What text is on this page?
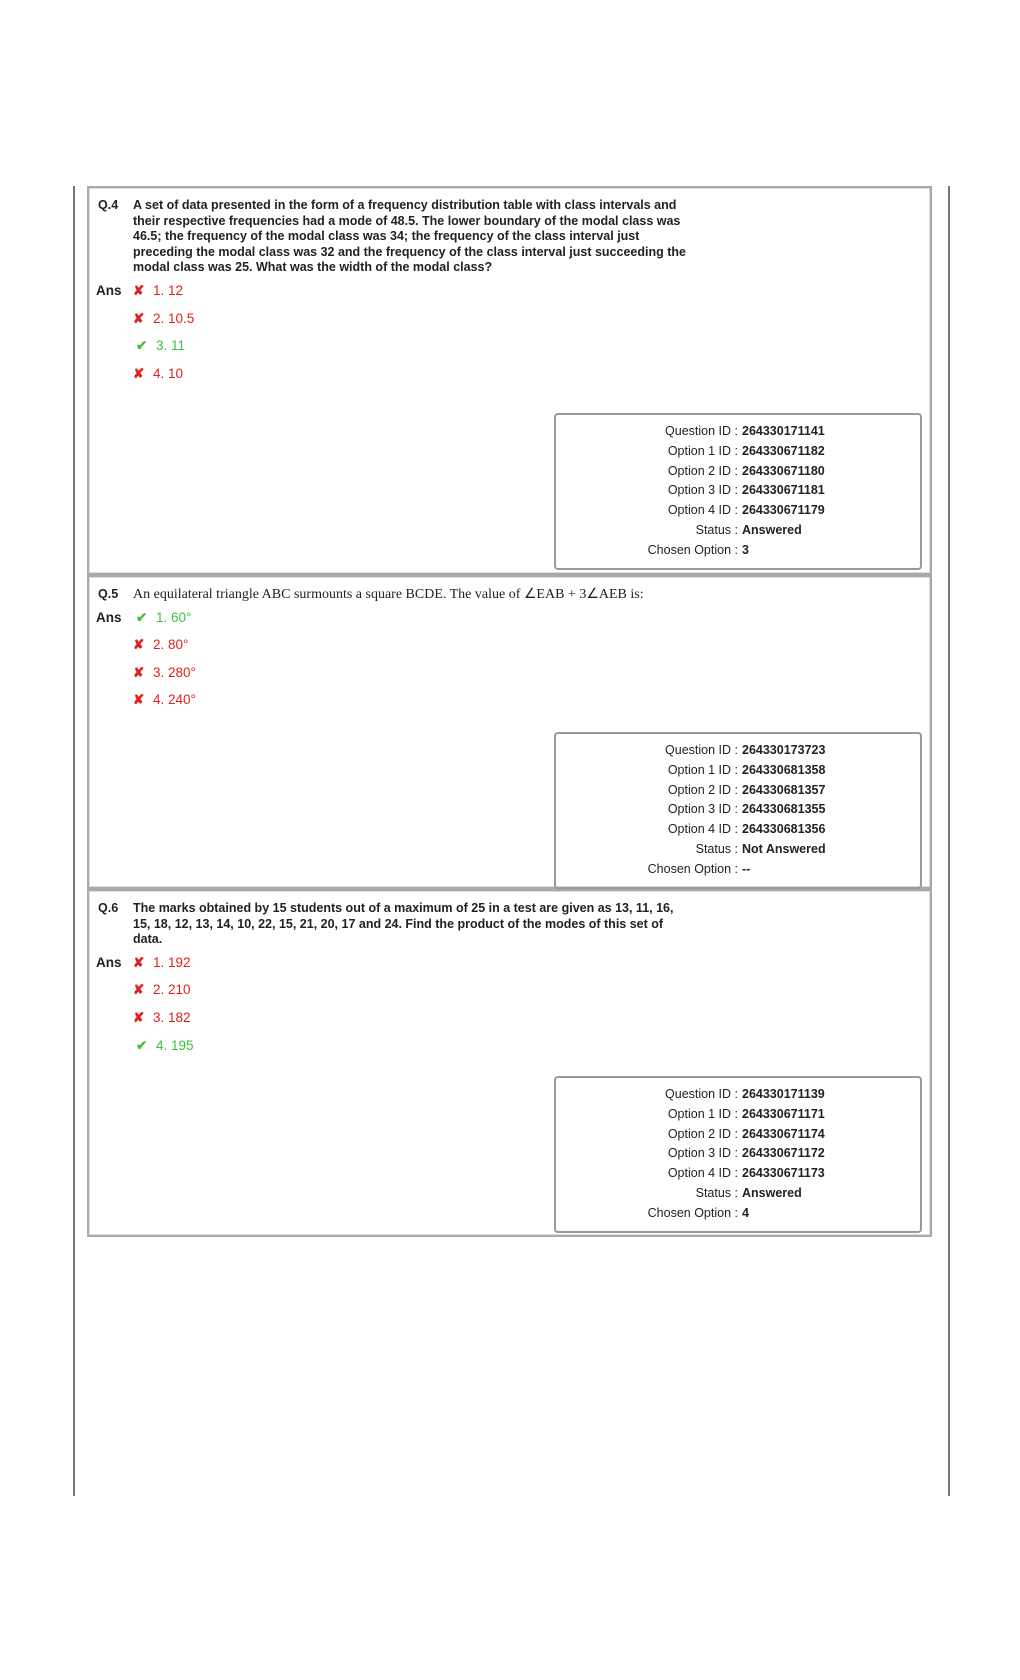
Q.4	A set of data presented in the form of a frequency distribution table with class intervals and their respective frequencies had a mode of 48.5. The lower boundary of the modal class was 46.5; the frequency of the modal class was 34; the frequency of the class interval just preceding the modal class was 32 and the frequency of the class interval just succeeding the modal class was 25. What was the width of the modal class?
Ans ✘ 1. 12
✘ 2. 10.5
✔ 3. 11
✘ 4. 10
Question ID : 264330171141
Option 1 ID : 264330671182
Option 2 ID : 264330671180
Option 3 ID : 264330671181
Option 4 ID : 264330671179
Status : Answered
Chosen Option : 3
Q.5	An equilateral triangle ABC surmounts a square BCDE. The value of ∠EAB + 3∠AEB is:
Ans	✔ 1. 60°
✘ 2. 80°
✘ 3. 280°
✘ 4. 240°
Question ID : 264330173723
Option 1 ID : 264330681358
Option 2 ID : 264330681357
Option 3 ID : 264330681355
Option 4 ID : 264330681356
Status : Not Answered
Chosen Option : --
Q.6	The marks obtained by 15 students out of a maximum of 25 in a test are given as 13, 11, 16, 15, 18, 12, 13, 14, 10, 22, 15, 21, 20, 17 and 24. Find the product of the modes of this set of data.
Ans ✘ 1. 192
✘ 2. 210
✘ 3. 182
✔ 4. 195
Question ID : 264330171139
Option 1 ID : 264330671171
Option 2 ID : 264330671174
Option 3 ID : 264330671172
Option 4 ID : 264330671173
Status : Answered
Chosen Option : 4
